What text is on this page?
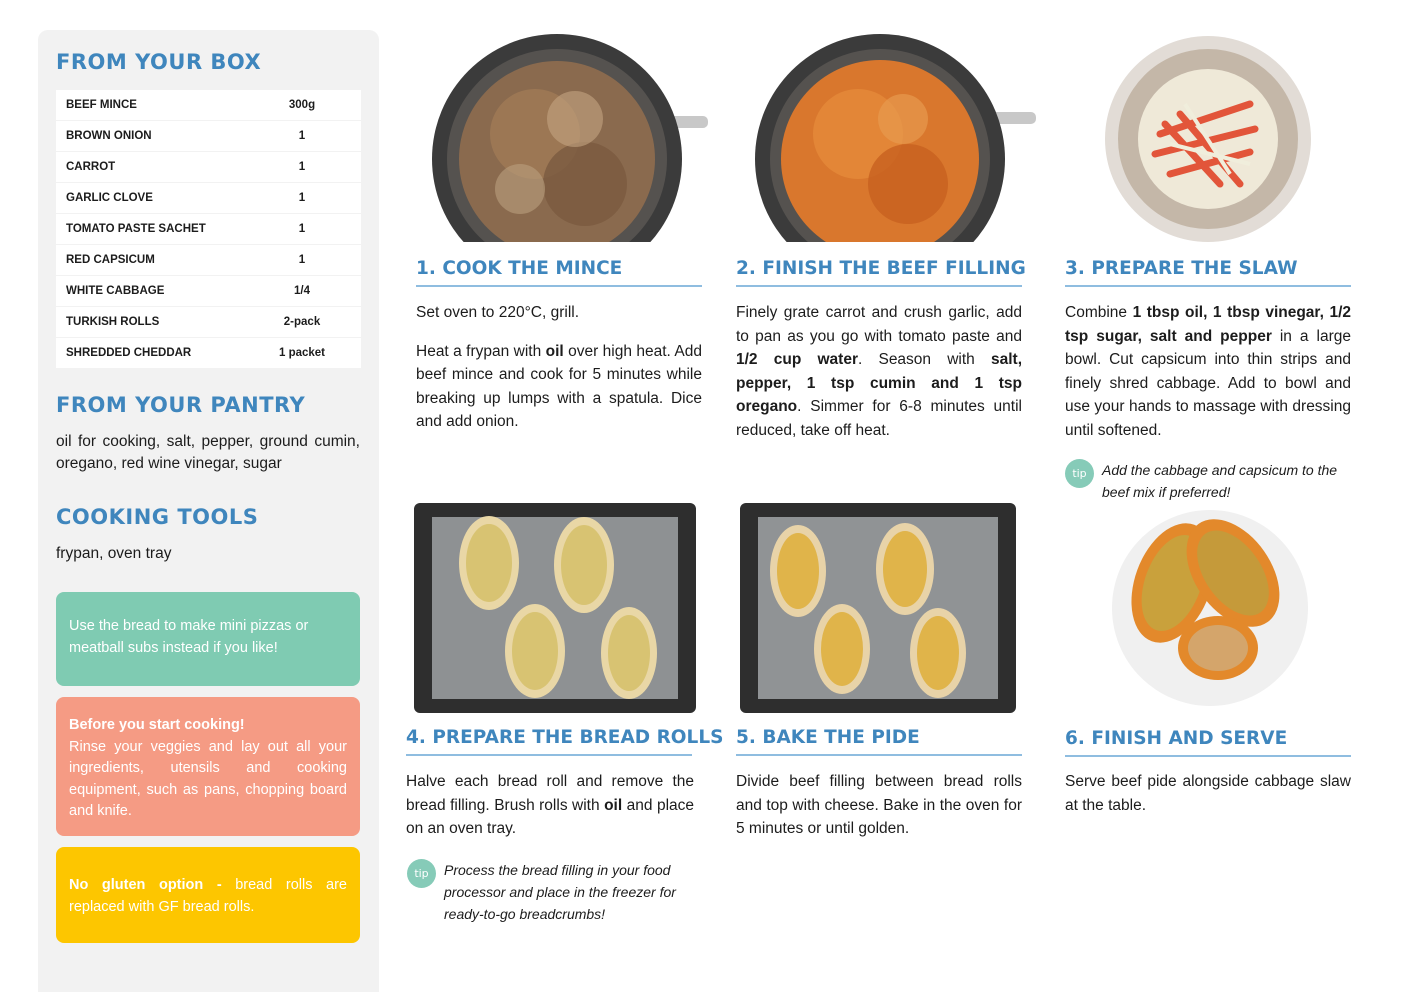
FROM YOUR BOX
BEEF MINCE	300g
BROWN ONION	1
CARROT	1
GARLIC CLOVE	1
TOMATO PASTE SACHET	1
RED CAPSICUM	1
WHITE CABBAGE	1/4
TURKISH ROLLS	2-pack
SHREDDED CHEDDAR	1 packet
FROM YOUR PANTRY

oil for cooking, salt, pepper, ground cumin, oregano, red wine vinegar, sugar

COOKING TOOLS

frypan, oven tray

Use the bread to make mini pizzas or meatball subs instead if you like!
Before you start cooking!
Rinse your veggies and lay out all your ingredients, utensils and cooking equipment, such as pans, chopping board and knife.
No gluten option - bread rolls are replaced with GF bread rolls.
1. COOK THE MINCE

Set oven to 220°C, grill.

Heat a frypan with oil over high heat. Add beef mince and cook for 5 minutes while breaking up lumps with a spatula. Dice and add onion.

2. FINISH THE BEEF FILLING

Finely grate carrot and crush garlic, add to pan as you go with tomato paste and 1/2 cup water. Season with salt, pepper, 1 tsp cumin and 1 tsp oregano. Simmer for 6-8 minutes until reduced, take off heat.

3. PREPARE THE SLAW

Combine 1 tbsp oil, 1 tbsp vinegar, 1/2 tsp sugar, salt and pepper in a large bowl. Cut capsicum into thin strips and finely shred cabbage. Add to bowl and use your hands to massage with dressing until softened.

tip	Add the cabbage and capsicum to the beef mix if preferred!

4. PREPARE THE BREAD ROLLS

Halve each bread roll and remove the bread filling. Brush rolls with oil and place on an oven tray.

tip	Process the bread filling in your food processor and place in the freezer for ready-to-go breadcrumbs!

5. BAKE THE PIDE

Divide beef filling between bread rolls and top with cheese. Bake in the oven for 5 minutes or until golden.

6. FINISH AND SERVE

Serve beef pide alongside cabbage slaw at the table.
